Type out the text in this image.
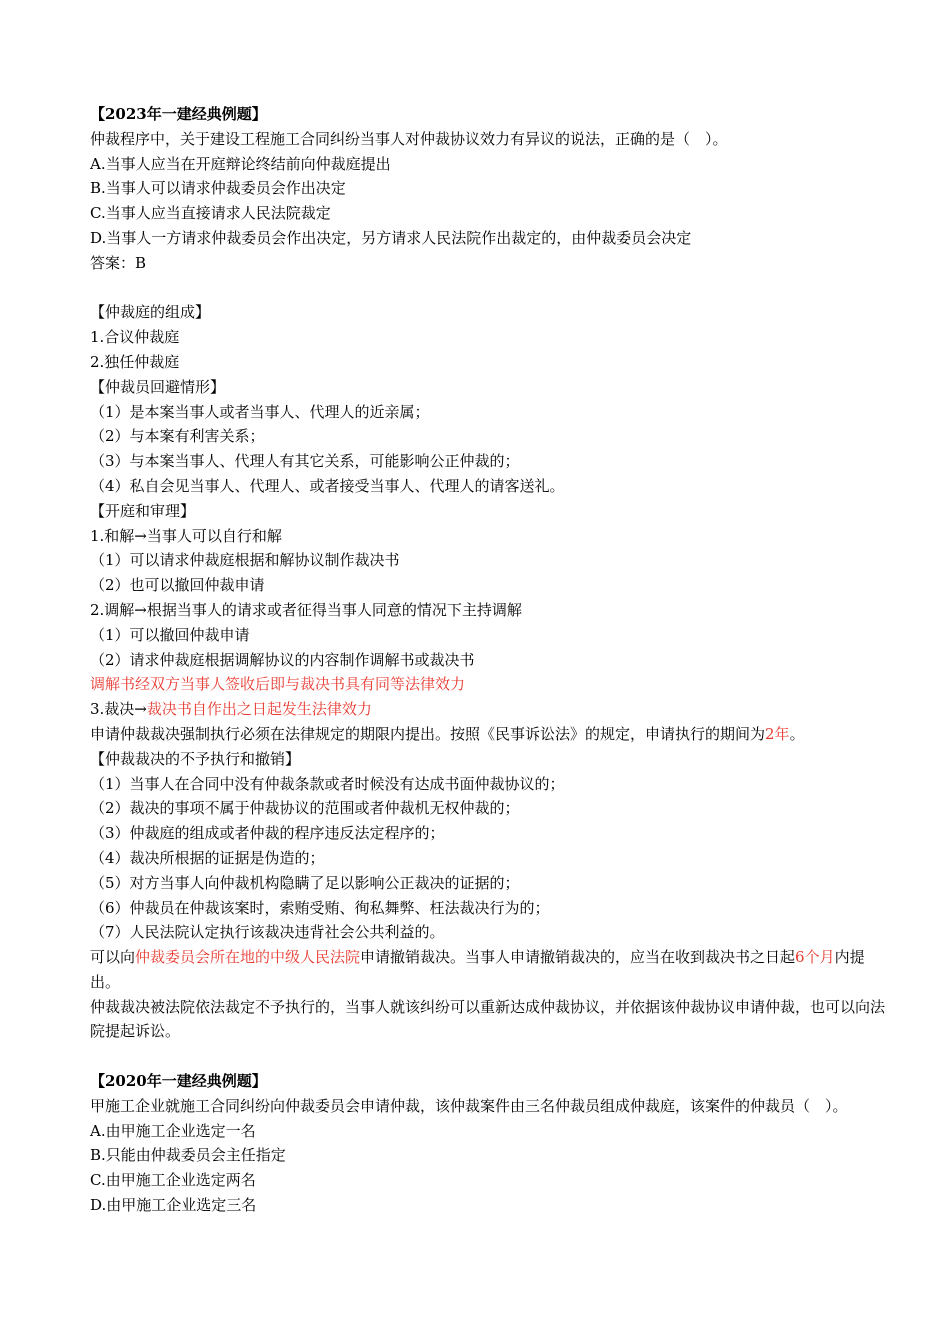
【2023年一建经典例题】
仲裁程序中，关于建设工程施工合同纠纷当事人对仲裁协议效力有异议的说法，正确的是（　）。
A.当事人应当在开庭辩论终结前向仲裁庭提出
B.当事人可以请求仲裁委员会作出决定
C.当事人应当直接请求人民法院裁定
D.当事人一方请求仲裁委员会作出决定，另方请求人民法院作出裁定的，由仲裁委员会决定
答案：B
【仲裁庭的组成】
1.合议仲裁庭
2.独任仲裁庭
【仲裁员回避情形】
（1）是本案当事人或者当事人、代理人的近亲属；
（2）与本案有利害关系；
（3）与本案当事人、代理人有其它关系，可能影响公正仲裁的；
（4）私自会见当事人、代理人、或者接受当事人、代理人的请客送礼。
【开庭和审理】
1.和解→当事人可以自行和解
（1）可以请求仲裁庭根据和解协议制作裁决书
（2）也可以撤回仲裁申请
2.调解→根据当事人的请求或者征得当事人同意的情况下主持调解
（1）可以撤回仲裁申请
（2）请求仲裁庭根据调解协议的内容制作调解书或裁决书
调解书经双方当事人签收后即与裁决书具有同等法律效力
3.裁决→裁决书自作出之日起发生法律效力
申请仲裁裁决强制执行必须在法律规定的期限内提出。按照《民事诉讼法》的规定，申请执行的期间为2年。
【仲裁裁决的不予执行和撤销】
（1）当事人在合同中没有仲裁条款或者时候没有达成书面仲裁协议的；
（2）裁决的事项不属于仲裁协议的范围或者仲裁机无权仲裁的；
（3）仲裁庭的组成或者仲裁的程序违反法定程序的；
（4）裁决所根据的证据是伪造的；
（5）对方当事人向仲裁机构隐瞒了足以影响公正裁决的证据的；
（6）仲裁员在仲裁该案时，索贿受贿、徇私舞弊、枉法裁决行为的；
（7）人民法院认定执行该裁决违背社会公共利益的。
可以向仲裁委员会所在地的中级人民法院申请撤销裁决。当事人申请撤销裁决的，应当在收到裁决书之日起6个月内提出。
仲裁裁决被法院依法裁定不予执行的，当事人就该纠纷可以重新达成仲裁协议，并依据该仲裁协议申请仲裁，也可以向法院提起诉讼。
【2020年一建经典例题】
甲施工企业就施工合同纠纷向仲裁委员会申请仲裁，该仲裁案件由三名仲裁员组成仲裁庭，该案件的仲裁员（　）。
A.由甲施工企业选定一名
B.只能由仲裁委员会主任指定
C.由甲施工企业选定两名
D.由甲施工企业选定三名
